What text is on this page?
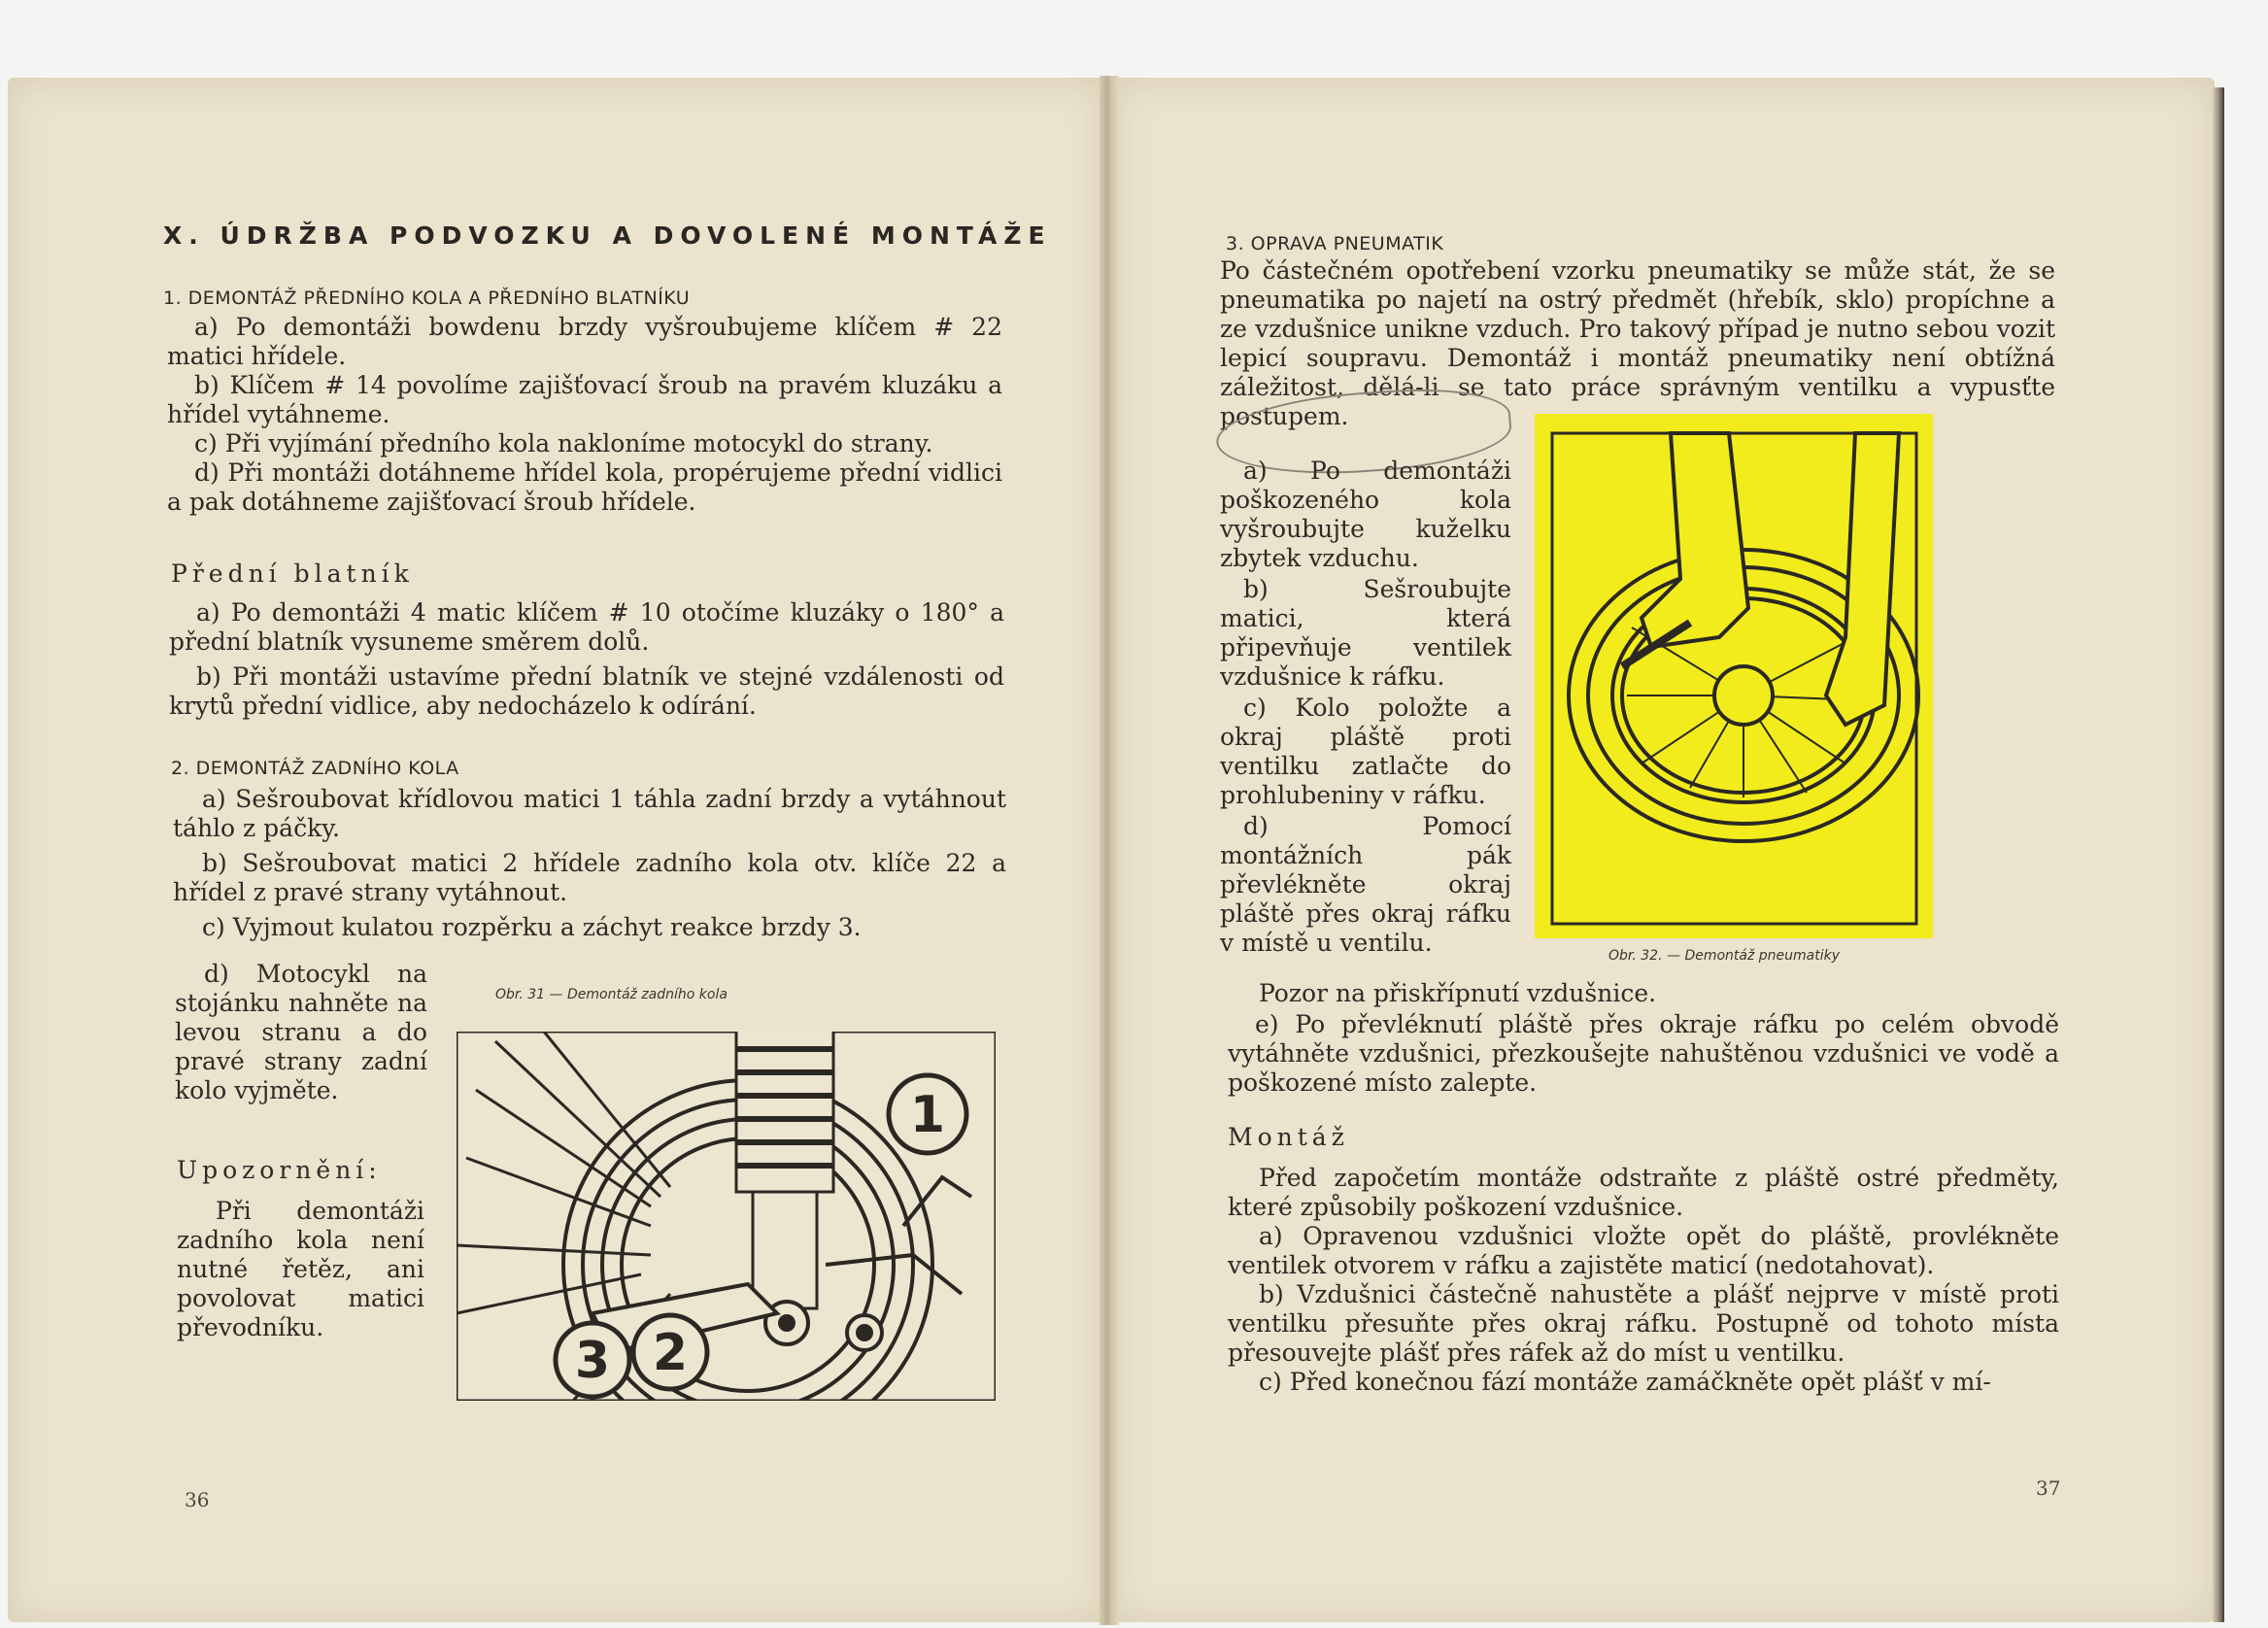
X. ÚDRŽBA PODVOZKU A DOVOLENÉ MONTÁŽE
1. DEMONTÁŽ PŘEDNÍHO KOLA A PŘEDNÍHO BLATNÍKU

a) Po demontáži bowdenu brzdy vyšroubujeme klíčem # 22 matici hřídele.

b) Klíčem # 14 povolíme zajišťovací šroub na pravém kluzáku a hřídel vytáhneme.

c) Při vyjímání předního kola nakloníme motocykl do strany.

d) Při montáži dotáhneme hřídel kola, propérujeme přední vidlici a pak dotáhneme zajišťovací šroub hřídele.

Přední blatník

a) Po demontáži 4 matic klíčem # 10 otočíme kluzáky o 180° a přední blatník vysuneme směrem dolů.

b) Při montáži ustavíme přední blatník ve stejné vzdálenosti od krytů přední vidlice, aby nedocházelo k odírání.

2. DEMONTÁŽ ZADNÍHO KOLA

a) Sešroubovat křídlovou matici 1 táhla zadní brzdy a vytáhnout táhlo z páčky.

b) Sešroubovat matici 2 hřídele zadního kola otv. klíče 22 a hřídel z pravé strany vytáhnout.

c) Vyjmout kulatou rozpěrku a záchyt reakce brzdy 3.

d) Motocykl na stojánku nahněte na levou stranu a do pravé strany zadní kolo vyjměte.
Upozornění:
Při demontáži zadního kola není nutné řetěz, ani povolovat matici převodníku.
Obr. 31 — Demontáž zadního kola
1
2
3
36
3. OPRAVA PNEUMATIK
Po částečném opotřebení vzorku pneumatiky se může stát, že se pneumatika po najetí na ostrý předmět (hřebík, sklo) propíchne a ze vzdušnice unikne vzduch. Pro takový případ je nutno sebou vozit lepicí soupravu. Demontáž i montáž pneumatiky není obtížná záležitost, dělá-li se tato práce správným ventilku a vypusťte postupem.

a) Po demontáži poškozeného kola vyšroubujte kuželku zbytek vzduchu.

b) Sešroubujte matici, která připevňuje ventilek vzdušnice k ráfku.

c) Kolo položte a okraj pláště proti ventilku zatlačte do prohlubeniny v ráfku.

d) Pomocí montážních pák převlékněte okraj pláště přes okraj ráfku v místě u ventilu.	Obr. 32. — Demontáž pneumatiky
Pozor na přiskřípnutí vzdušnice.
e) Po převléknutí pláště přes okraje ráfku po celém obvodě vytáhněte vzdušnici, přezkoušejte nahuštěnou vzdušnici ve vodě a poškozené místo zalepte.
Montáž

Před započetím montáže odstraňte z pláště ostré předměty, které způsobily poškození vzdušnice.

a) Opravenou vzdušnici vložte opět do pláště, provlékněte ventilek otvorem v ráfku a zajistěte maticí (nedotahovat).

b) Vzdušnici částečně nahustěte a plášť nejprve v místě proti ventilku přesuňte přes okraj ráfku. Postupně od tohoto místa přesouvejte plášť přes ráfek až do míst u ventilku.

c) Před konečnou fází montáže zamáčkněte opět plášť v mí-

37
